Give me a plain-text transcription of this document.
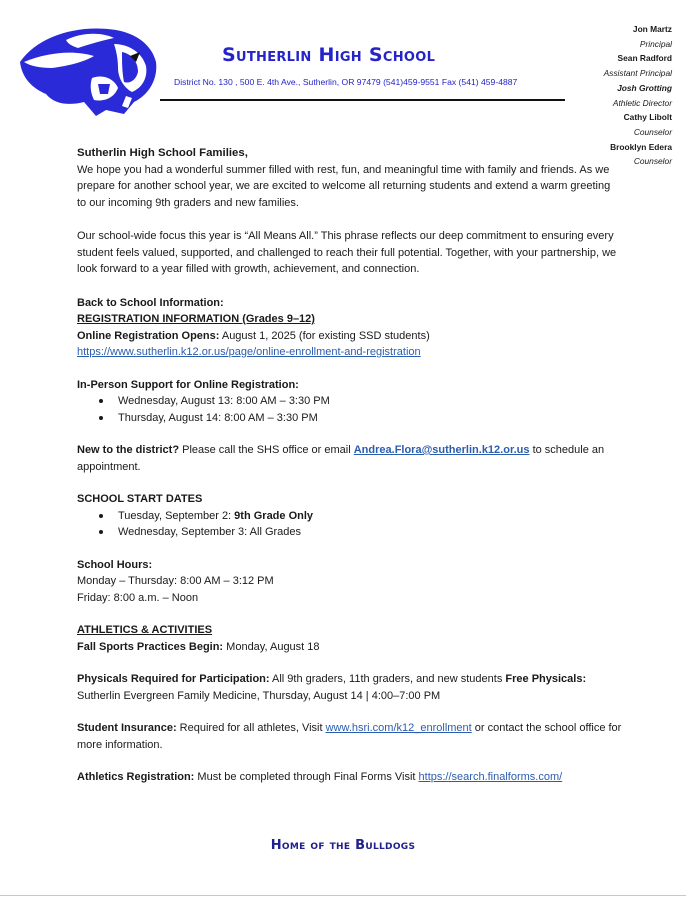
Sutherlin High School
District No. 130 , 500 E. 4th Ave., Sutherlin, OR 97479 (541)459-9551 Fax (541) 459-4887
Jon Martz
Principal
Sean Radford
Assistant Principal
Josh Grotting
Athletic Director
Cathy Libolt
Counselor
Brooklyn Edera
Counselor

Sutherlin High School Families,

We hope you had a wonderful summer filled with rest, fun, and meaningful time with family and friends. As we prepare for another school year, we are excited to welcome all returning students and extend a warm greeting to our incoming 9th graders and new families.

Our school-wide focus this year is “All Means All.” This phrase reflects our deep commitment to ensuring every student feels valued, supported, and challenged to reach their full potential. Together, with your partnership, we look forward to a year filled with growth, achievement, and connection.

Back to School Information:

REGISTRATION INFORMATION (Grades 9–12)

Online Registration Opens: August 1, 2025 (for existing SSD students)

https://www.sutherlin.k12.or.us/page/online-enrollment-and-registration

In-Person Support for Online Registration:

Wednesday, August 13: 8:00 AM – 3:30 PM
Thursday, August 14: 8:00 AM – 3:30 PM

New to the district? Please call the SHS office or email Andrea.Flora@sutherlin.k12.or.us to schedule an appointment.

SCHOOL START DATES

Tuesday, September 2: 9th Grade Only
Wednesday, September 3: All Grades

School Hours:

Monday – Thursday: 8:00 AM – 3:12 PM

Friday: 8:00 a.m. – Noon

ATHLETICS & ACTIVITIES

Fall Sports Practices Begin: Monday, August 18

Physicals Required for Participation: All 9th graders, 11th graders, and new students Free Physicals:
Sutherlin Evergreen Family Medicine, Thursday, August 14 | 4:00–7:00 PM

Student Insurance: Required for all athletes, Visit www.hsri.com/k12_enrollment or contact the school office for more information.

Athletics Registration: Must be completed through Final Forms Visit https://search.finalforms.com/

Home of the Bulldogs
